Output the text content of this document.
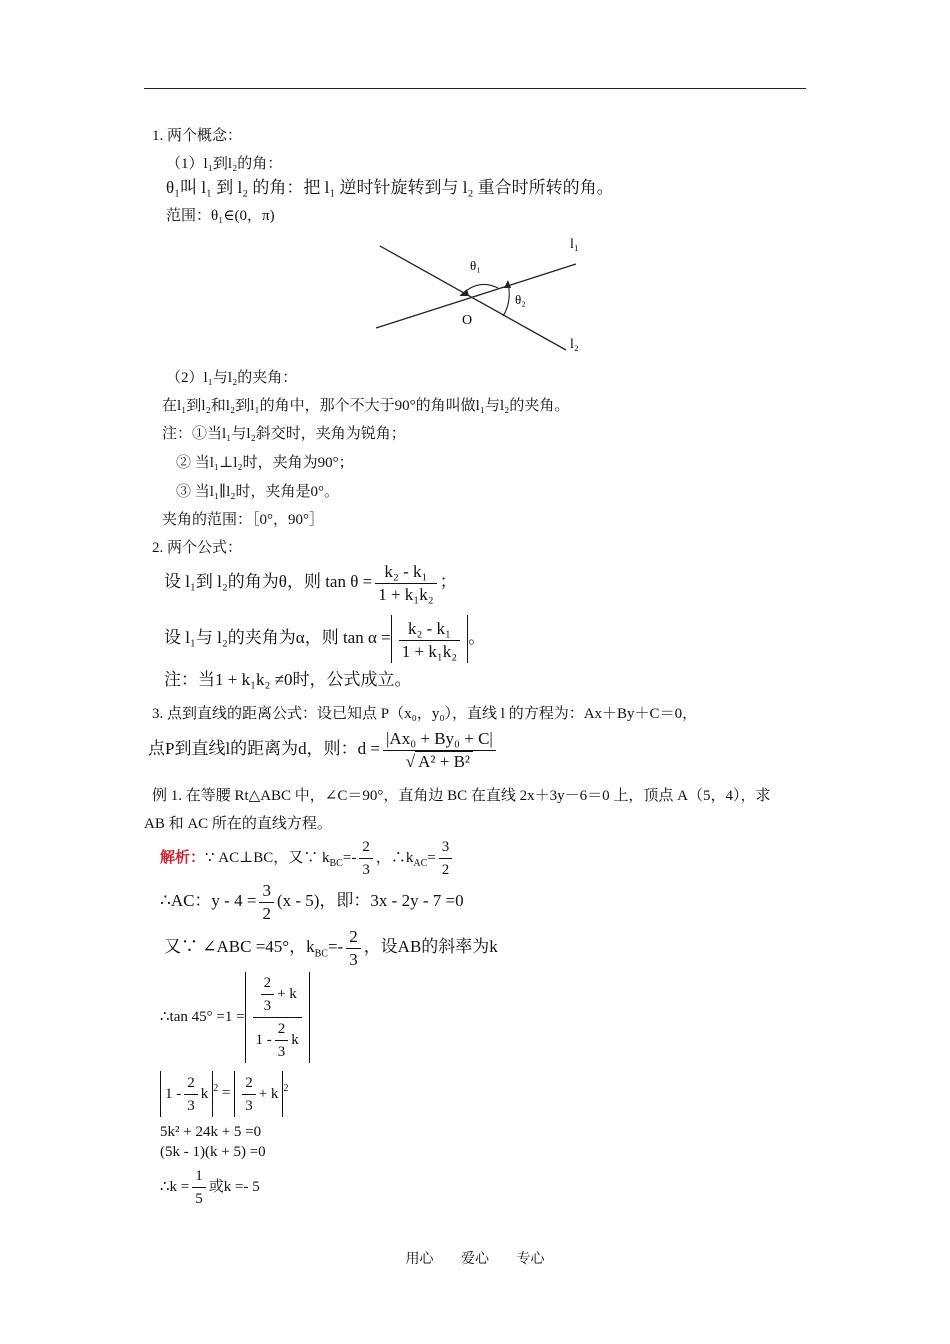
1. 两个概念：
（1）l₁到l₂的角：
θ₁叫 l₁ 到 l₂ 的角：把 l₁ 逆时针旋转到与 l₂ 重合时所转的角。
范围：θ₁∈(0，π)
l₁
l₂
θ₁
θ₂
O
（2）l₁与l₂的夹角：
在l₁到l₂和l₂到l₁的角中，那个不大于90°的角叫做l₁与l₂的夹角。
注：①当l₁与l₂斜交时，夹角为锐角；
② 当l₁⊥l₂时，夹角为90°；
③ 当l₁∥l₂时，夹角是0°。
夹角的范围：［0°，90°］
2. 两个公式：
设 l₁到 l₂的角为θ，则 $\tan \theta = \frac{\text{k₂ - k₁}}{\text{1 + k₁k₂}}$ ；
设 l₁与 l₂的夹角为α，则 $\tan \alpha = \frac{\text{k₂ - k₁}}{\text{1 + k₁k₂}}$ 。
注：当1 + k₁k₂ ≠0时，公式成立。
3. 点到直线的距离公式：设已知点 P（x₀，y₀），直线 l 的方程为：Ax＋By＋C＝0，
点P到直线l的距离为d，则：$d = \frac{\text{|Ax₀ + By₀ + C|}}{\text{√ A² + B²}}$
例 1. 在等腰 Rt△ABC 中，∠C＝90°，直角边 BC 在直线 2x＋3y－6＝0 上，顶点 A（5，4），求
AB 和 AC 所在的直线方程。
解析：∵ AC⊥BC，又∵ $k_{BC}=- \frac{2}{3}$ ，$\therefore k_{AC}= \frac{3}{2}$
∴AC：$y - 4 = \frac{3}{2} (x - 5)$，即：3x - 2y - 7 =0
又∵ ∠ABC =45°，$k_{BC}=- \frac{2}{3}$ ，设AB的斜率为k
∴tan $45^\circ =1 = \frac{\frac{2}{3} + k}{1 - \frac{2}{3} k}$
$1 - \frac{2}{3}$ k $^2 = \frac{2}{3} + k$ $^2$
5k² + 24k + 5 =0
(5k - 1)(k + 5) =0
∴k = $\frac{1}{5}$ 或k =- 5
用心 爱心 专心
